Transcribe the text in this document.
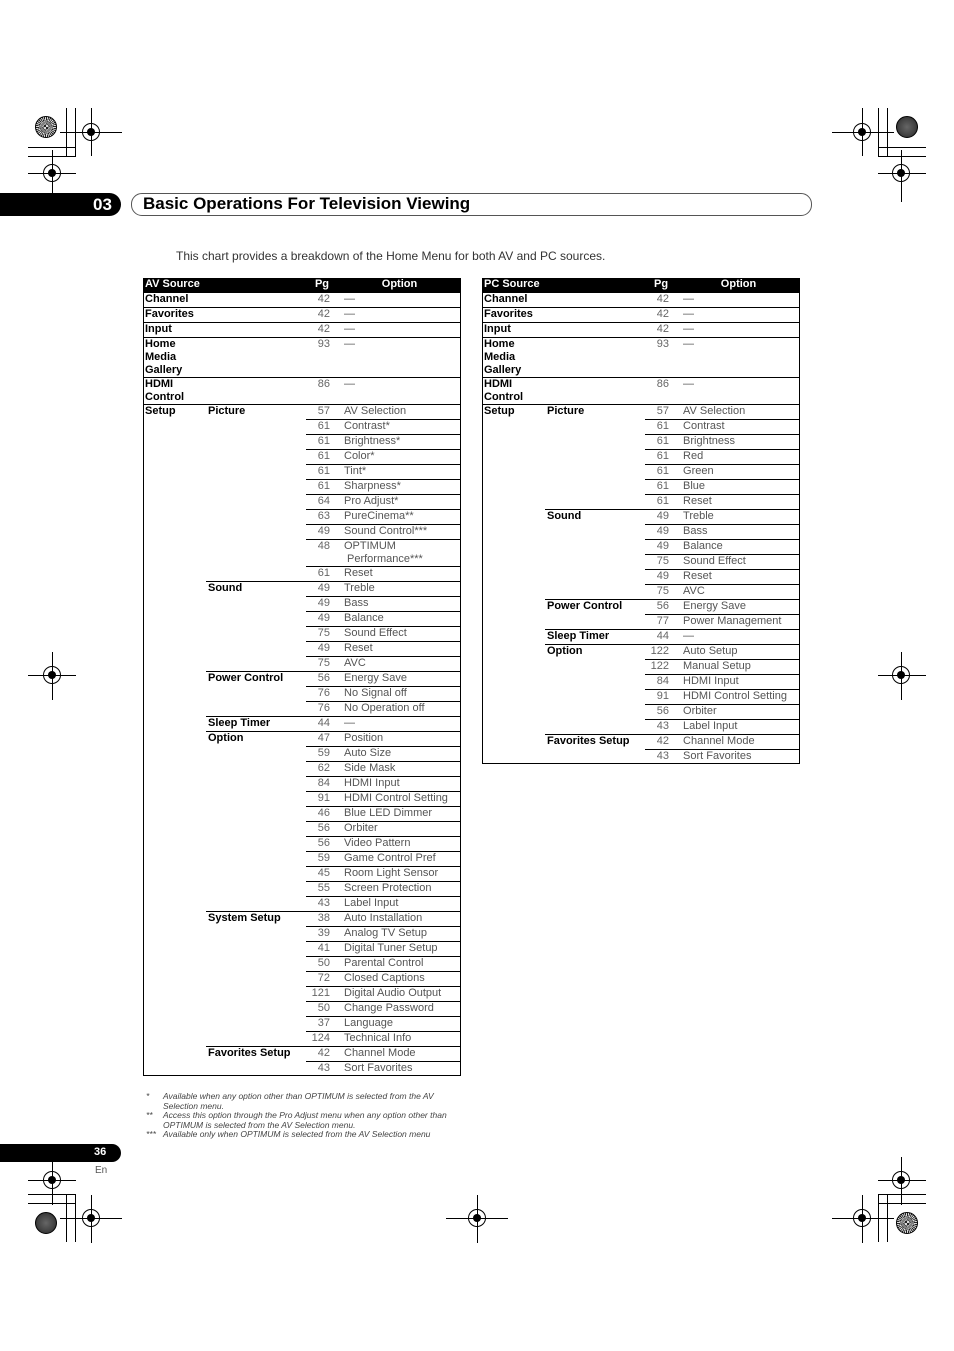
03 Basic Operations For Television Viewing
This chart provides a breakdown of the Home Menu for both AV and PC sources.
AV Source		Pg	Option
Channel		42	—
Favorites		42	—
Input		42	—
Home Media Gallery		93	—
HDMI Control		86	—
Setup	Picture	57	AV Selection
		61	Contrast*
		61	Brightness*
		61	Color*
		61	Tint*
		61	Sharpness*
		64	Pro Adjust*
		63	PureCinema**
		49	Sound Control***
		48	OPTIMUM
Performance***

		61	Reset
	Sound	49	Treble
		49	Bass
		49	Balance
		75	Sound Effect
		49	Reset
		75	AVC
	Power Control	56	Energy Save
		76	No Signal off
		76	No Operation off
	Sleep Timer	44	—
	Option	47	Position
		59	Auto Size
		62	Side Mask
		84	HDMI Input
		91	HDMI Control Setting
		46	Blue LED Dimmer
		56	Orbiter
		56	Video Pattern
		59	Game Control Pref
		45	Room Light Sensor
		55	Screen Protection
		43	Label Input
	System Setup	38	Auto Installation
		39	Analog TV Setup
		41	Digital Tuner Setup
		50	Parental Control
		72	Closed Captions
		121	Digital Audio Output
		50	Change Password
		37	Language
		124	Technical Info
	Favorites Setup	42	Channel Mode
		43	Sort Favorites
PC Source		Pg	Option
Channel		42	—
Favorites		42	—
Input		42	—
Home Media Gallery		93	—
HDMI Control		86	—
Setup	Picture	57	AV Selection
		61	Contrast
		61	Brightness
		61	Red
		61	Green
		61	Blue
		61	Reset
	Sound	49	Treble
		49	Bass
		49	Balance
		75	Sound Effect
		49	Reset
		75	AVC
	Power Control	56	Energy Save
		77	Power Management
	Sleep Timer	44	—
	Option	122	Auto Setup
		122	Manual Setup
		84	HDMI Input
		91	HDMI Control Setting
		56	Orbiter
		43	Label Input
	Favorites Setup	42	Channel Mode
		43	Sort Favorites
*	Available when any option other than OPTIMUM is selected from the AV Selection menu.
**	Access this option through the Pro Adjust menu when any option other than OPTIMUM is selected from the AV Selection menu.
*** Available only when OPTIMUM is selected from the AV Selection menu
36
En
